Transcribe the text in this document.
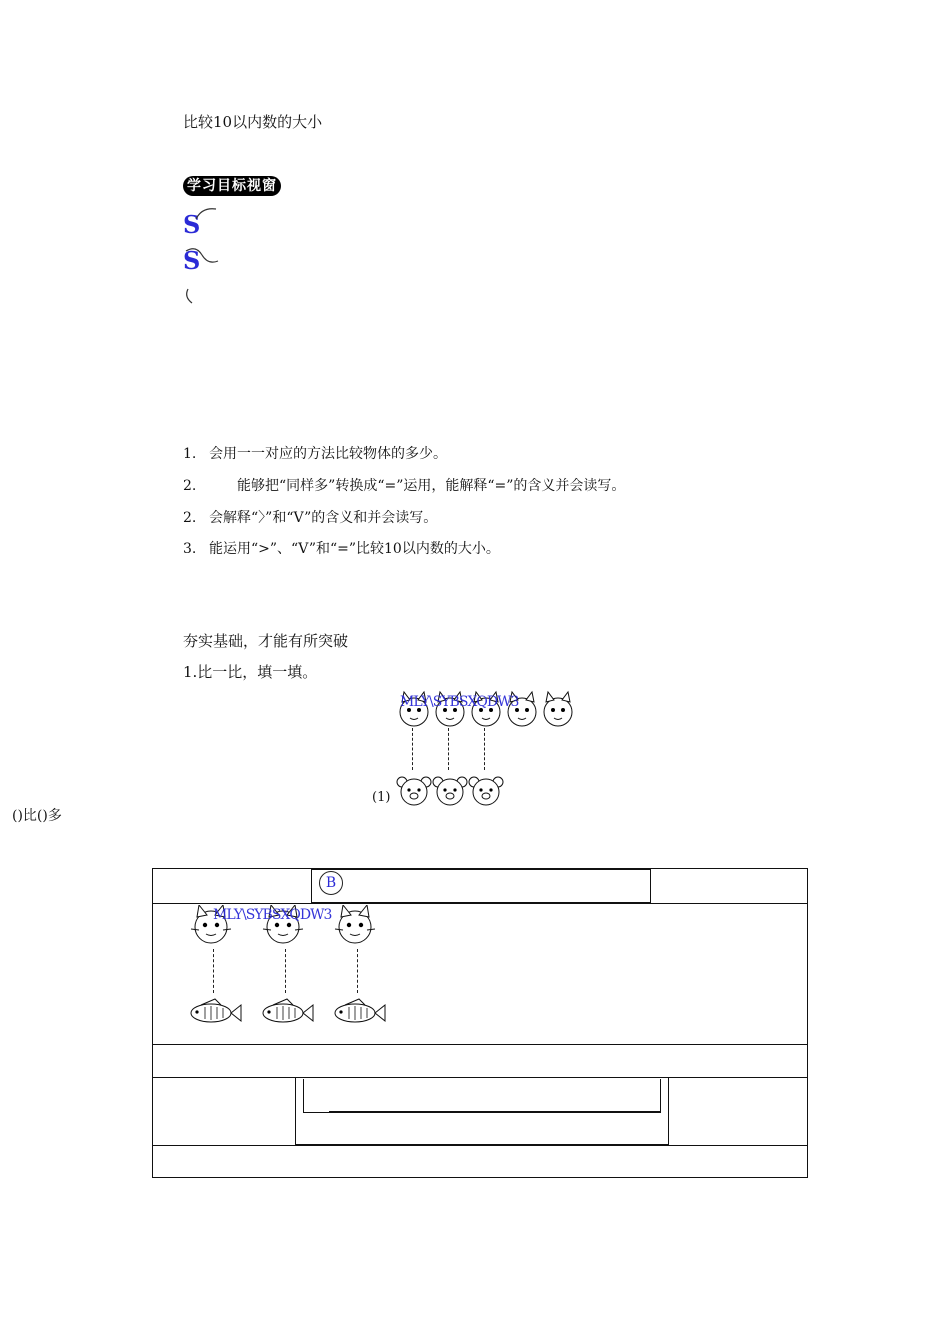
比较10以内数的大小
学习目标视窗
S
S
1. 会用一一对应的方法比较物体的多少。
2.　　能够把“同样多”转换成“=”运用，能解释“=”的含义并会读写。
2. 会解释“〉”和“V”的含义和并会读写。
3. 能运用“>”、“V”和“=”比较10以内数的大小。
夯实基础，才能有所突破
1.比一比，填一填。
MLY\SYBSXQDW3
(1)
()比()多
B
MLY\SYBSXQDW3
